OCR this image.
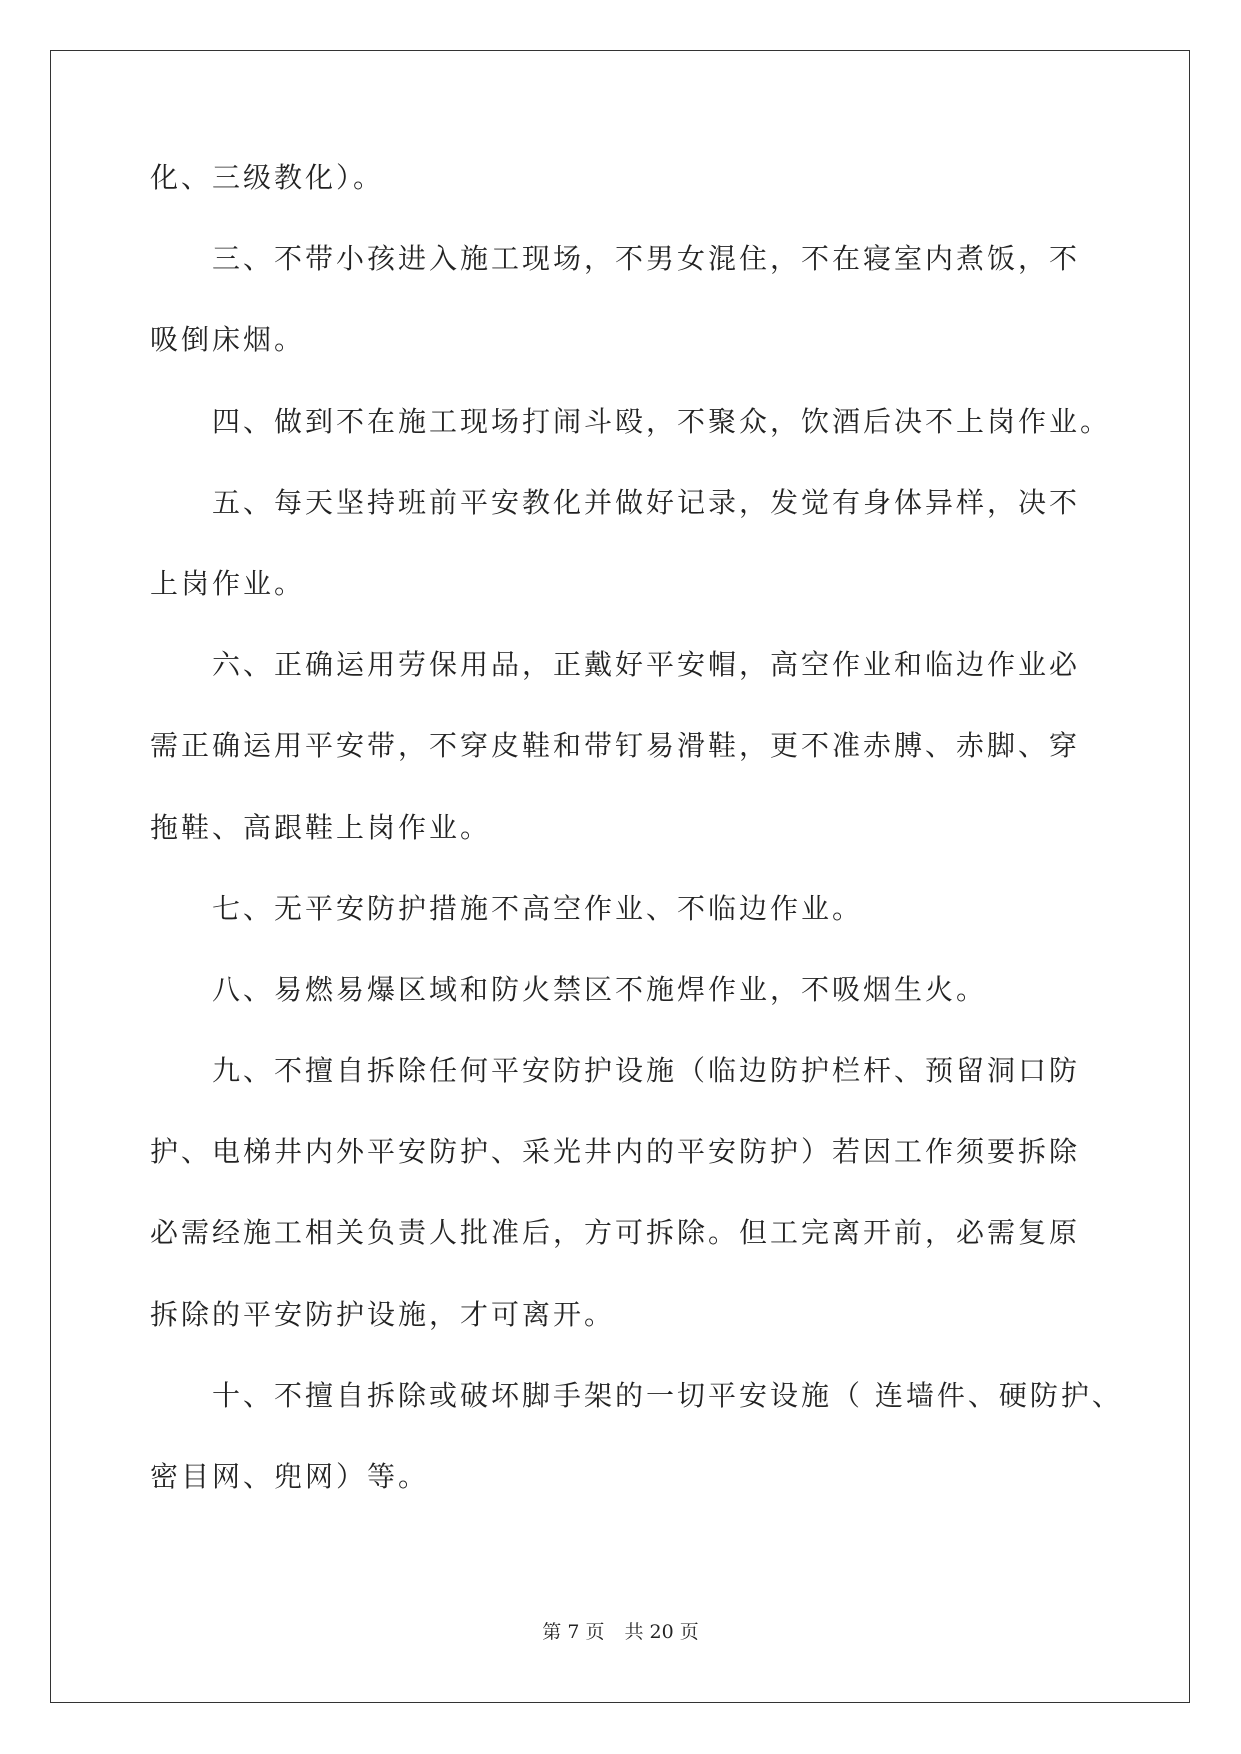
化、三级教化）。
三、不带小孩进入施工现场，不男女混住，不在寝室内煮饭，不
吸倒床烟。
四、做到不在施工现场打闹斗殴，不聚众，饮酒后决不上岗作业。
五、每天坚持班前平安教化并做好记录，发觉有身体异样，决不
上岗作业。
六、正确运用劳保用品，正戴好平安帽，高空作业和临边作业必
需正确运用平安带，不穿皮鞋和带钉易滑鞋，更不准赤膊、赤脚、穿
拖鞋、高跟鞋上岗作业。
七、无平安防护措施不高空作业、不临边作业。
八、易燃易爆区域和防火禁区不施焊作业，不吸烟生火。
九、不擅自拆除任何平安防护设施（临边防护栏杆、预留洞口防
护、电梯井内外平安防护、采光井内的平安防护）若因工作须要拆除
必需经施工相关负责人批准后，方可拆除。但工完离开前，必需复原
拆除的平安防护设施，才可离开。
十、不擅自拆除或破坏脚手架的一切平安设施（ 连墙件、硬防护、
密目网、兜网）等。
第 7 页 共 20 页
